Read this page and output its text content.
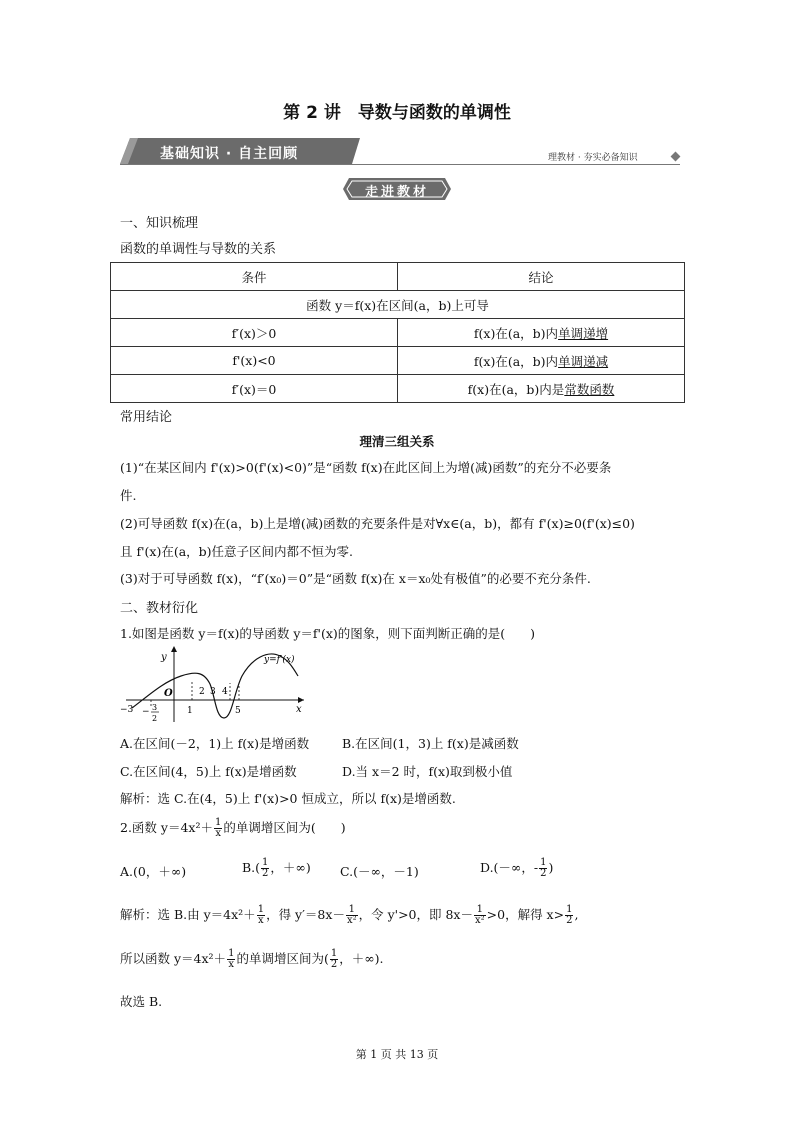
第 2 讲　导数与函数的单调性
基础知识 · 自主回顾	理教材 · 夯实必备知识
走进教材
一、知识梳理
函数的单调性与导数的关系
条件	结论
函数 y＝f(x)在区间(a，b)上可导	
f′(x)＞0	f(x)在(a，b)内单调递增
f'(x)<0	f(x)在(a，b)内单调递减
f′(x)＝0	f(x)在(a，b)内是常数函数
常用结论
理清三组关系
(1)“在某区间内 f'(x)>0(f'(x)<0)”是“函数 f(x)在此区间上为增(减)函数”的充分不必要条
件.
(2)可导函数 f(x)在(a，b)上是增(减)函数的充要条件是对∀x∈(a，b)，都有 f'(x)≥0(f'(x)≤0)
且 f'(x)在(a，b)任意子区间内都不恒为零.
(3)对于可导函数 f(x)，“f′(x₀)＝0”是“函数 f(x)在 x＝x₀处有极值”的必要不充分条件.
二、教材衍化
1.如图是函数 y＝f(x)的导函数 y＝f'(x)的图象，则下面判断正确的是(　　)
y
x
O
y=f'(x)
−3 − 3
2
1
2 3 4
5
A.在区间(－2，1)上 f(x)是增函数	B.在区间(1，3)上 f(x)是减函数
C.在区间(4，5)上 f(x)是增函数	D.当 x＝2 时，f(x)取到极小值
解析：选 C.在(4，5)上 f'(x)>0 恒成立，所以 f(x)是增函数.
2.函数 $y=4x^2+ \frac{1}{x}$ 的单调增区间为(　　)
A.(0，＋∞)	$B.( \frac{1}{2}$ ，＋∞) C.(－∞，－1)	D.(－∞，- $\frac{1}{2}$ )
解析：选 B.由 $y=4x^2+ \frac{1}{x}$ ，得 $y'=8x- \frac{1}{\text{x²}}$ ，令 y'>0，即 $8x- \frac{1}{\text{x²}} >0$，解得 $x> \frac{1}{2}$ ,
所以函数 $y=4x^2+ \frac{1}{x}$ 的单调增区间为( $\frac{1}{2}$ ，＋∞).
故选 B.
第 1 页 共 13 页
